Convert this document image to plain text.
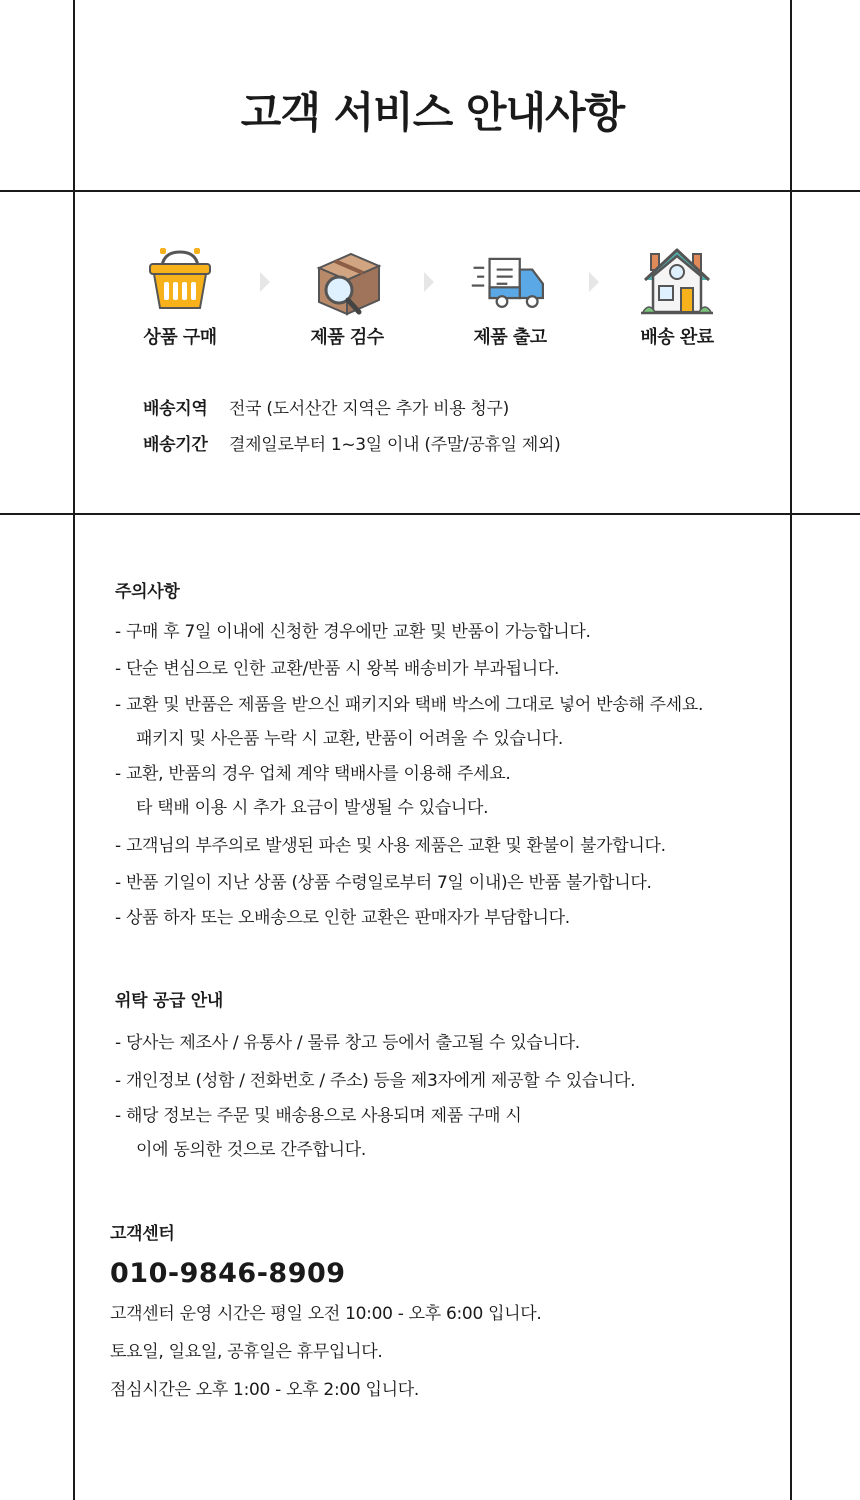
고객 서비스 안내사항
상품 구매	제품 검수	제품 출고	배송 완료
배송지역 전국 (도서산간 지역은 추가 비용 청구)
배송기간 결제일로부터 1~3일 이내 (주말/공휴일 제외)
주의사항
- 구매 후 7일 이내에 신청한 경우에만 교환 및 반품이 가능합니다.
- 단순 변심으로 인한 교환/반품 시 왕복 배송비가 부과됩니다.
- 교환 및 반품은 제품을 받으신 패키지와 택배 박스에 그대로 넣어 반송해 주세요.
패키지 및 사은품 누락 시 교환, 반품이 어려울 수 있습니다.
- 교환, 반품의 경우 업체 계약 택배사를 이용해 주세요.
타 택배 이용 시 추가 요금이 발생될 수 있습니다.
- 고객님의 부주의로 발생된 파손 및 사용 제품은 교환 및 환불이 불가합니다.
- 반품 기일이 지난 상품 (상품 수령일로부터 7일 이내)은 반품 불가합니다.
- 상품 하자 또는 오배송으로 인한 교환은 판매자가 부담합니다.
위탁 공급 안내
- 당사는 제조사 / 유통사 / 물류 창고 등에서 출고될 수 있습니다.
- 개인정보 (성함 / 전화번호 / 주소) 등을 제3자에게 제공할 수 있습니다.
- 해당 정보는 주문 및 배송용으로 사용되며 제품 구매 시
이에 동의한 것으로 간주합니다.
고객센터
010-9846-8909
고객센터 운영 시간은 평일 오전 10:00 - 오후 6:00 입니다.
토요일, 일요일, 공휴일은 휴무입니다.
점심시간은 오후 1:00 - 오후 2:00 입니다.
